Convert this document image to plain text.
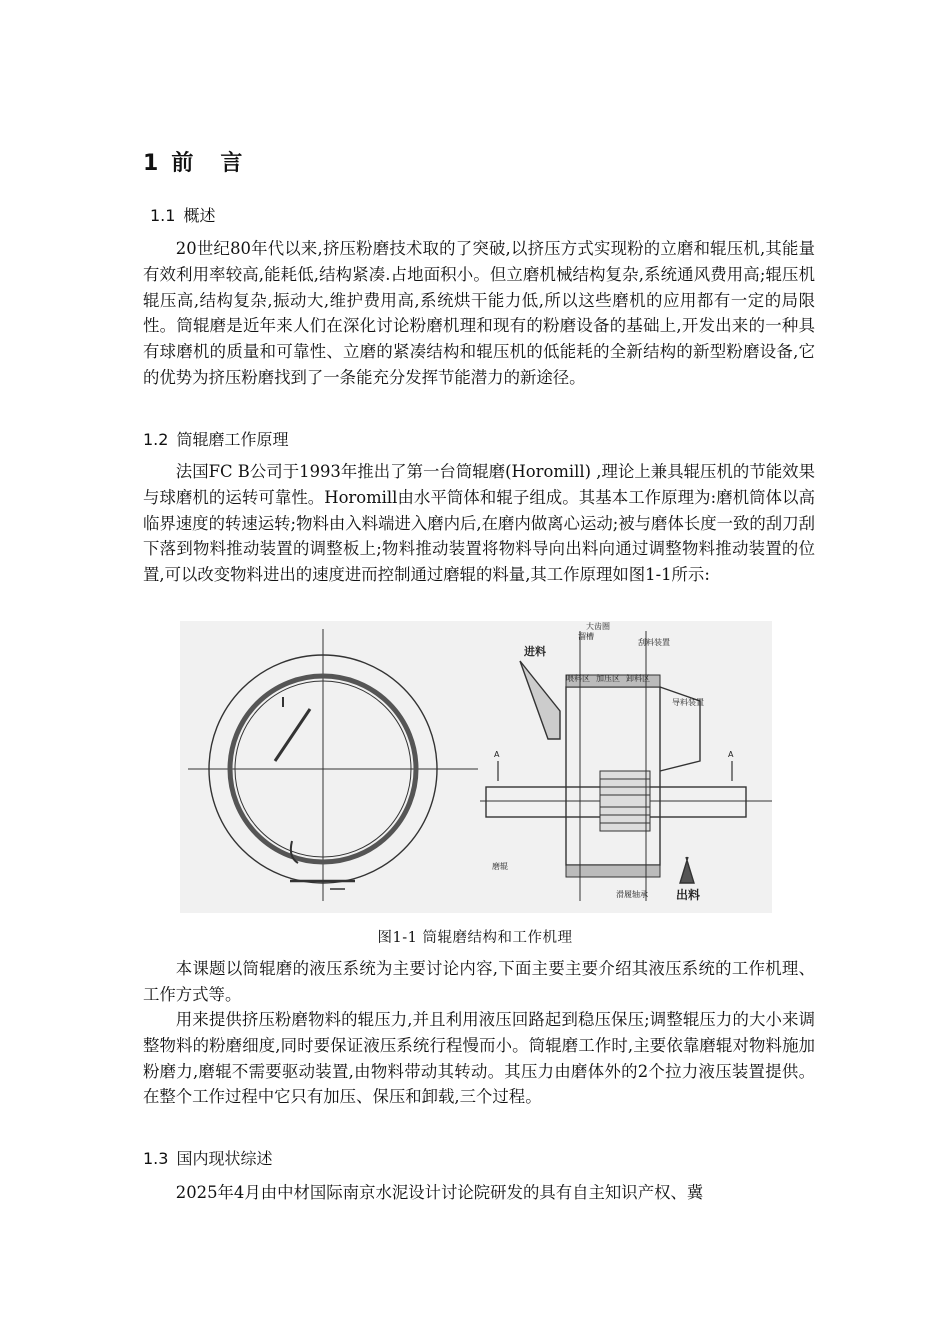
1 前 言
1.1 概述

20世纪80年代以来,挤压粉磨技术取的了突破,以挤压方式实现粉的立磨和辊压机,其能量有效利用率较高,能耗低,结构紧凑.占地面积小。但立磨机械结构复杂,系统通风费用高;辊压机辊压高,结构复杂,振动大,维护费用高,系统烘干能力低,所以这些磨机的应用都有一定的局限性。筒辊磨是近年来人们在深化讨论粉磨机理和现有的粉磨设备的基础上,开发出来的一种具有球磨机的质量和可靠性、立磨的紧凑结构和辊压机的低能耗的全新结构的新型粉磨设备,它的优势为挤压粉磨找到了一条能充分发挥节能潜力的新途径。

1.2 筒辊磨工作原理

法国FC B公司于1993年推出了第一台筒辊磨(Horomill) ,理论上兼具辊压机的节能效果与球磨机的运转可靠性。Horomill由水平筒体和辊子组成。其基本工作原理为:磨机筒体以高临界速度的转速运转;物料由入料端进入磨内后,在磨内做离心运动;被与磨体长度一致的刮刀刮下落到物料推动装置的调整板上;物料推动装置将物料导向出料向通过调整物料推动装置的位置,可以改变物料进出的速度进而控制通过磨辊的料量,其工作原理如图1-1所示:

大齿圈
进料
刮料装置
导料装置
喂料区 加压区 卸料区
溜槽
滑履轴承
磨辊
出料
A	A
图1-1 筒辊磨结构和工作机理

本课题以筒辊磨的液压系统为主要讨论内容,下面主要主要介绍其液压系统的工作机理、工作方式等。

用来提供挤压粉磨物料的辊压力,并且利用液压回路起到稳压保压;调整辊压力的大小来调整物料的粉磨细度,同时要保证液压系统行程慢而小。筒辊磨工作时,主要依靠磨辊对物料施加粉磨力,磨辊不需要驱动装置,由物料带动其转动。其压力由磨体外的2个拉力液压装置提供。在整个工作过程中它只有加压、保压和卸载,三个过程。

1.3 国内现状综述

2025年4月由中材国际南京水泥设计讨论院研发的具有自主知识产权、冀
